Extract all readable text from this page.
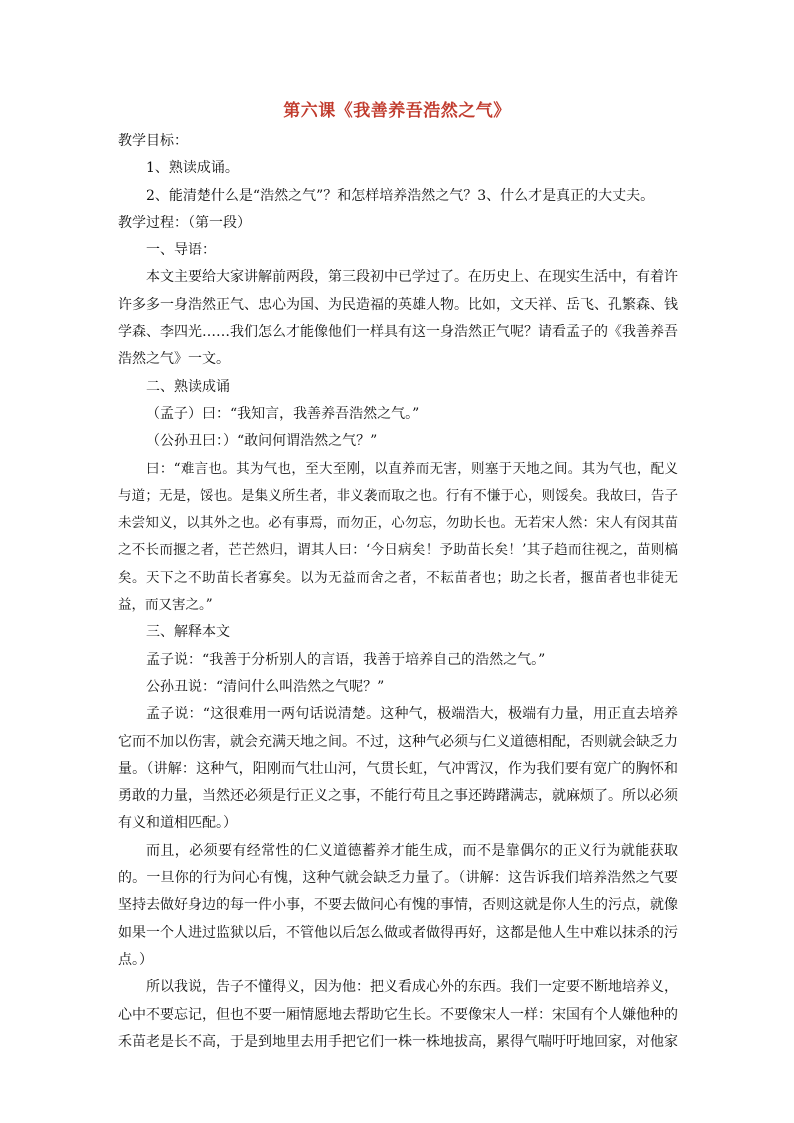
第六课《我善养吾浩然之气》

教学目标：

1、熟读成诵。

2、能清楚什么是“浩然之气”？和怎样培养浩然之气？3、什么才是真正的大丈夫。

教学过程：（第一段）

一、导语：

本文主要给大家讲解前两段，第三段初中已学过了。在历史上、在现实生活中，有着许许多多一身浩然正气、忠心为国、为民造福的英雄人物。比如，文天祥、岳飞、孔繁森、钱学森、李四光……我们怎么才能像他们一样具有这一身浩然正气呢？请看孟子的《我善养吾浩然之气》一文。

二、熟读成诵

（孟子）曰：“我知言，我善养吾浩然之气。”

（公孙丑曰：）“敢问何谓浩然之气？”

曰：“难言也。其为气也，至大至刚，以直养而无害，则塞于天地之间。其为气也，配义与道；无是，馁也。是集义所生者，非义袭而取之也。行有不慊于心，则馁矣。我故曰，告子未尝知义，以其外之也。必有事焉，而勿正，心勿忘，勿助长也。无若宋人然：宋人有闵其苗之不长而揠之者，芒芒然归，谓其人曰：‘今日病矣！予助苗长矣！’其子趋而往视之，苗则槁矣。天下之不助苗长者寡矣。以为无益而舍之者，不耘苗者也；助之长者，揠苗者也非徒无益，而又害之。”

三、解释本文

孟子说：“我善于分析别人的言语，我善于培养自己的浩然之气。”

公孙丑说：“清问什么叫浩然之气呢？”

孟子说：“这很难用一两句话说清楚。这种气，极端浩大，极端有力量，用正直去培养它而不加以伤害，就会充满天地之间。不过，这种气必须与仁义道德相配，否则就会缺乏力量。（讲解：这种气，阳刚而气壮山河，气贯长虹，气冲霄汉，作为我们要有宽广的胸怀和勇敢的力量，当然还必须是行正义之事，不能行苟且之事还踌躇满志，就麻烦了。所以必须有义和道相匹配。）

而且，必须要有经常性的仁义道德蓄养才能生成，而不是靠偶尔的正义行为就能获取的。一旦你的行为问心有愧，这种气就会缺乏力量了。（讲解：这告诉我们培养浩然之气要坚持去做好身边的每一件小事，不要去做问心有愧的事情，否则这就是你人生的污点，就像如果一个人进过监狱以后，不管他以后怎么做或者做得再好，这都是他人生中难以抹杀的污点。）

所以我说，告子不懂得义，因为他：把义看成心外的东西。我们一定要不断地培养义，心中不要忘记，但也不要一厢情愿地去帮助它生长。不要像宋人一样：宋国有个人嫌他种的禾苗老是长不高，于是到地里去用手把它们一株一株地拔高，累得气喘吁吁地回家，对他家
